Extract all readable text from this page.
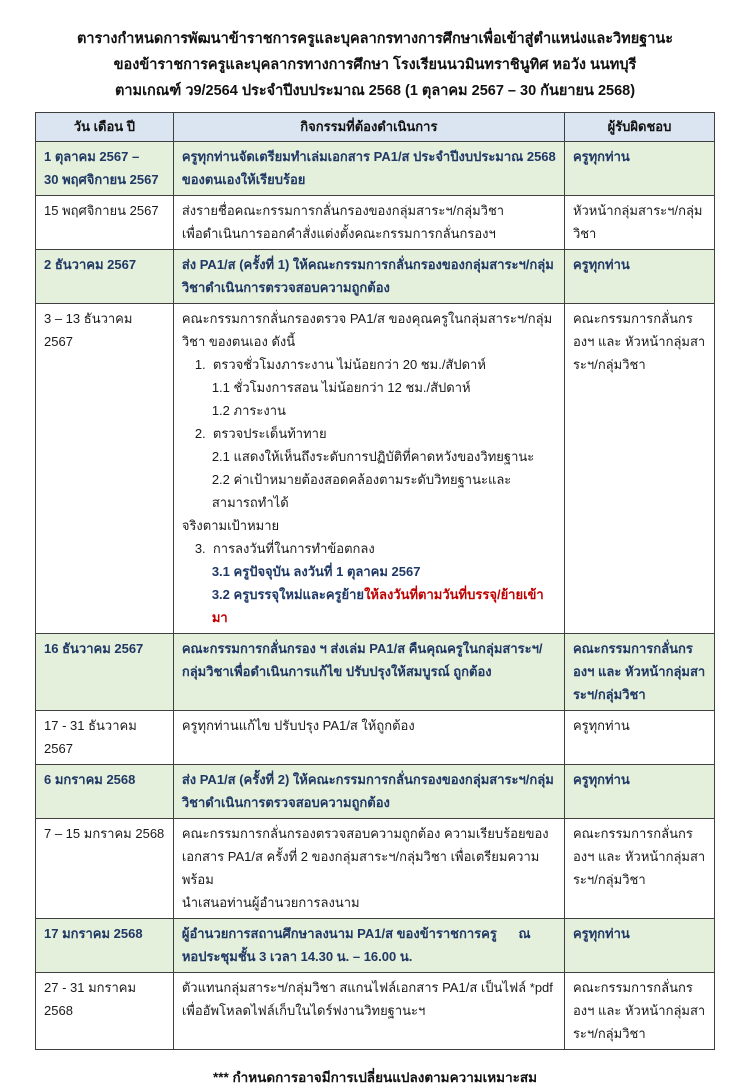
ตารางกำหนดการพัฒนาข้าราชการครูและบุคลากรทางการศึกษาเพื่อเข้าสู่ตำแหน่งและวิทยฐานะ
ของข้าราชการครูและบุคลากรทางการศึกษา โรงเรียนนวมินทราชินูทิศ หอวัง นนทบุรี
ตามเกณฑ์ ว9/2564 ประจำปีงบประมาณ 2568 (1 ตุลาคม 2567 – 30 กันยายน 2568)
วัน เดือน ปี	กิจกรรมที่ต้องดำเนินการ	ผู้รับผิดชอบ
1 ตุลาคม 2567 –
30 พฤศจิกายน 2567	ครูทุกท่านจัดเตรียมทำเล่มเอกสาร PA1/ส ประจำปีงบประมาณ 2568 ของตนเองให้เรียบร้อย	ครูทุกท่าน
15 พฤศจิกายน 2567	ส่งรายชื่อคณะกรรมการกลั่นกรองของกลุ่มสาระฯ/กลุ่มวิชา
เพื่อดำเนินการออกคำสั่งแต่งตั้งคณะกรรมการกลั่นกรองฯ	หัวหน้ากลุ่มสาระฯ/กลุ่มวิชา
2 ธันวาคม 2567	ส่ง PA1/ส (ครั้งที่ 1) ให้คณะกรรมการกลั่นกรองของกลุ่มสาระฯ/กลุ่มวิชาดำเนินการตรวจสอบความถูกต้อง	ครูทุกท่าน
3 – 13 ธันวาคม 2567	
คณะกรรมการกลั่นกรองตรวจ PA1/ส ของคุณครูในกลุ่มสาระฯ/กลุ่มวิชา ของตนเอง ดังนี้
1.  ตรวจชั่วโมงภาระงาน ไม่น้อยกว่า 20 ชม./สัปดาห์
1.1 ชั่วโมงการสอน ไม่น้อยกว่า 12 ชม./สัปดาห์
1.2 ภาระงาน
2.  ตรวจประเด็นท้าทาย
2.1 แสดงให้เห็นถึงระดับการปฏิบัติที่คาดหวังของวิทยฐานะ
2.2 ค่าเป้าหมายต้องสอดคล้องตามระดับวิทยฐานะและสามารถทำได้
จริงตามเป้าหมาย
3.  การลงวันที่ในการทำข้อตกลง
3.1 ครูปัจจุบัน ลงวันที่ 1 ตุลาคม 2567
3.2 ครูบรรจุใหม่และครูย้ายให้ลงวันที่ตามวันที่บรรจุ/ย้ายเข้ามา
	คณะกรรมการกลั่นกรองฯ และ หัวหน้ากลุ่มสาระฯ/กลุ่มวิชา
16 ธันวาคม 2567	คณะกรรมการกลั่นกรอง ฯ ส่งเล่ม PA1/ส คืนคุณครูในกลุ่มสาระฯ/กลุ่มวิชาเพื่อดำเนินการแก้ไข ปรับปรุงให้สมบูรณ์ ถูกต้อง	คณะกรรมการกลั่นกรองฯ และ หัวหน้ากลุ่มสาระฯ/กลุ่มวิชา
17 - 31 ธันวาคม 2567	ครูทุกท่านแก้ไข ปรับปรุง PA1/ส ให้ถูกต้อง	ครูทุกท่าน
6 มกราคม 2568	ส่ง PA1/ส (ครั้งที่ 2) ให้คณะกรรมการกลั่นกรองของกลุ่มสาระฯ/กลุ่มวิชาดำเนินการตรวจสอบความถูกต้อง	ครูทุกท่าน
7 – 15 มกราคม 2568	คณะกรรมการกลั่นกรองตรวจสอบความถูกต้อง ความเรียบร้อยของ
เอกสาร PA1/ส ครั้งที่ 2 ของกลุ่มสาระฯ/กลุ่มวิชา เพื่อเตรียมความพร้อม
นำเสนอท่านผู้อำนวยการลงนาม	คณะกรรมการกลั่นกรองฯ และ หัวหน้ากลุ่มสาระฯ/กลุ่มวิชา
17 มกราคม 2568	ผู้อำนวยการสถานศึกษาลงนาม PA1/ส ของข้าราชการครู      ณ
หอประชุมชั้น 3 เวลา 14.30 น. – 16.00 น.	ครูทุกท่าน
27 - 31 มกราคม 2568	ตัวแทนกลุ่มสาระฯ/กลุ่มวิชา สแกนไฟล์เอกสาร PA1/ส เป็นไฟล์ *pdf
เพื่ออัพโหลดไฟล์เก็บในไดร์ฟงานวิทยฐานะฯ	คณะกรรมการกลั่นกรองฯ และ หัวหน้ากลุ่มสาระฯ/กลุ่มวิชา
*** กำหนดการอาจมีการเปลี่ยนแปลงตามความเหมาะสม
